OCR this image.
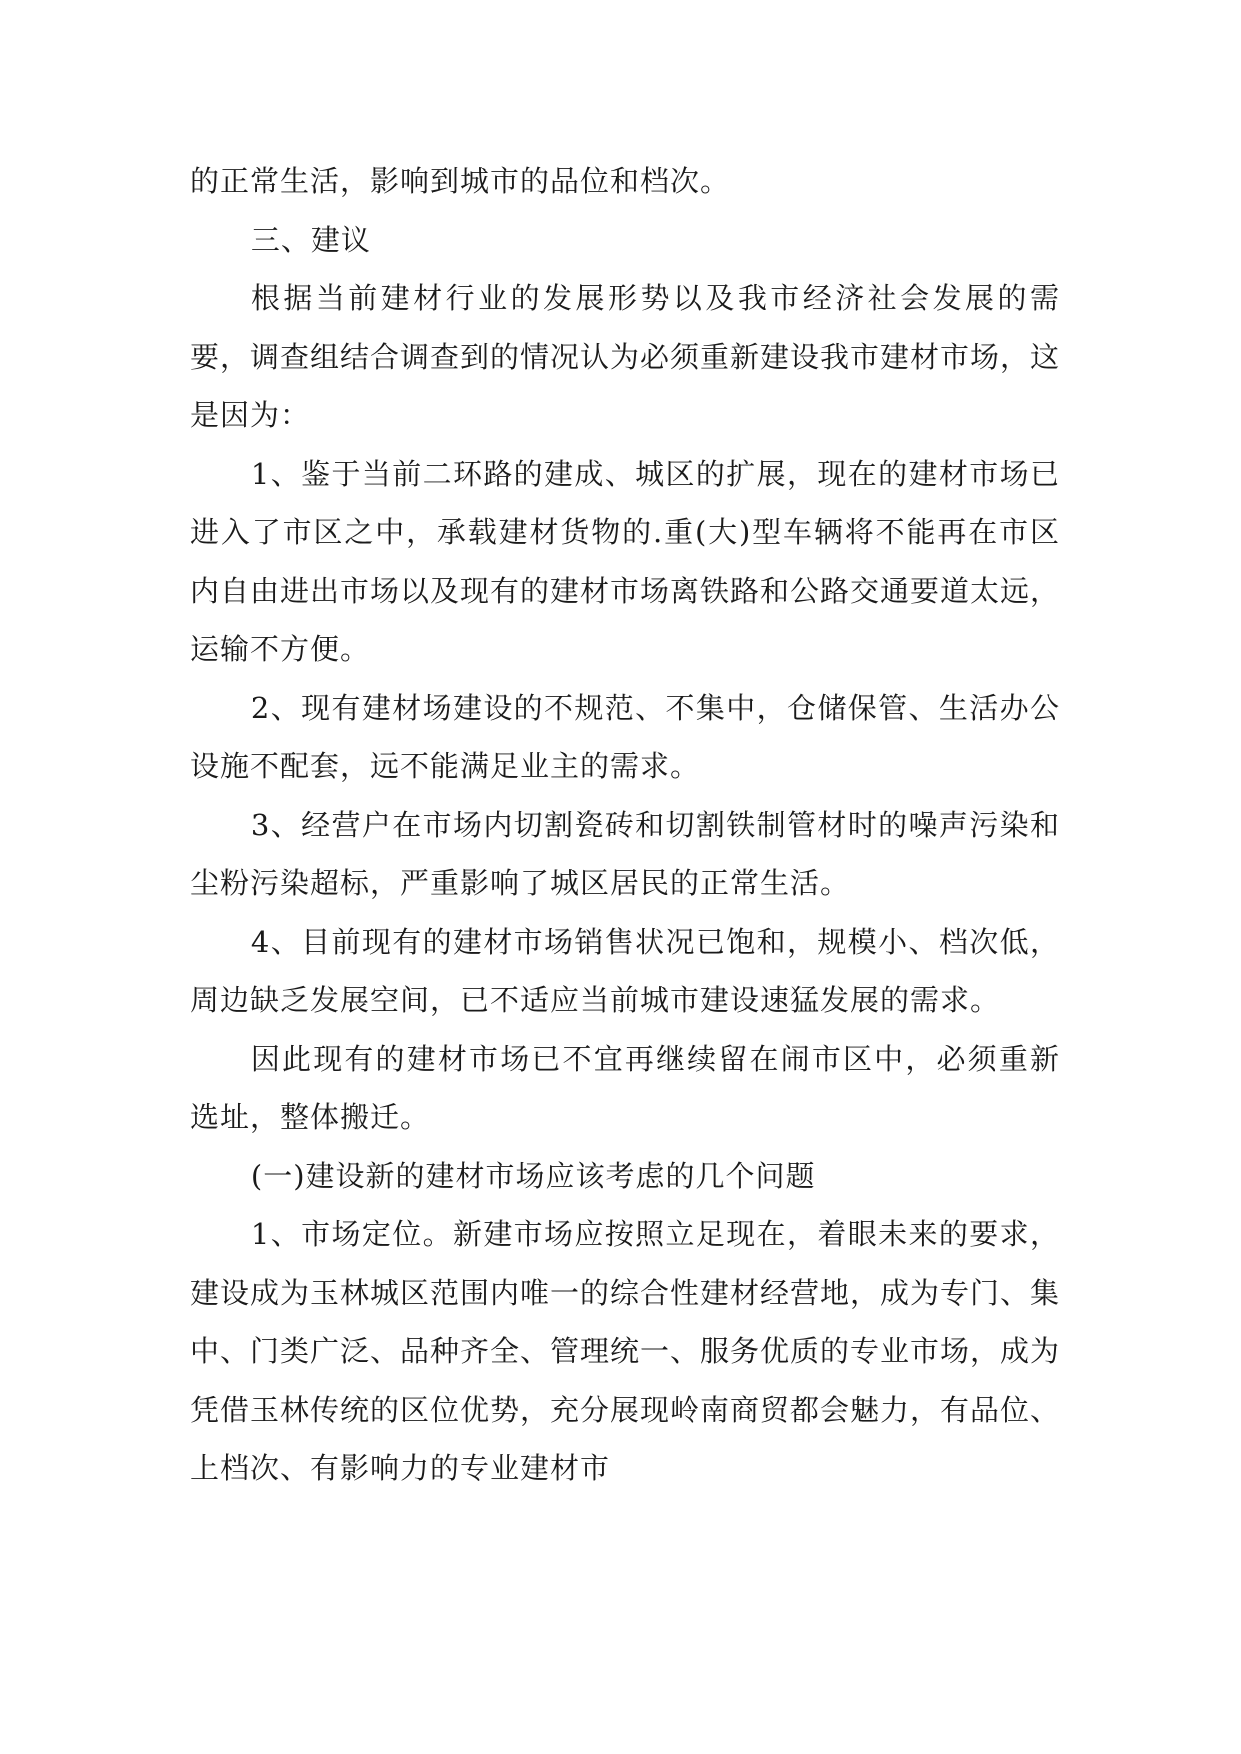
的正常生活，影响到城市的品位和档次。

三、建议

根据当前建材行业的发展形势以及我市经济社会发展的需要，调查组结合调查到的情况认为必须重新建设我市建材市场，这是因为：

1、鉴于当前二环路的建成、城区的扩展，现在的建材市场已进入了市区之中，承载建材货物的.重(大)型车辆将不能再在市区内自由进出市场以及现有的建材市场离铁路和公路交通要道太远，运输不方便。

2、现有建材场建设的不规范、不集中，仓储保管、生活办公设施不配套，远不能满足业主的需求。

3、经营户在市场内切割瓷砖和切割铁制管材时的噪声污染和尘粉污染超标，严重影响了城区居民的正常生活。

4、目前现有的建材市场销售状况已饱和，规模小、档次低，周边缺乏发展空间，已不适应当前城市建设速猛发展的需求。

因此现有的建材市场已不宜再继续留在闹市区中，必须重新选址，整体搬迁。

(一)建设新的建材市场应该考虑的几个问题

1、市场定位。新建市场应按照立足现在，着眼未来的要求，建设成为玉林城区范围内唯一的综合性建材经营地，成为专门、集中、门类广泛、品种齐全、管理统一、服务优质的专业市场，成为凭借玉林传统的区位优势，充分展现岭南商贸都会魅力，有品位、上档次、有影响力的专业建材市
